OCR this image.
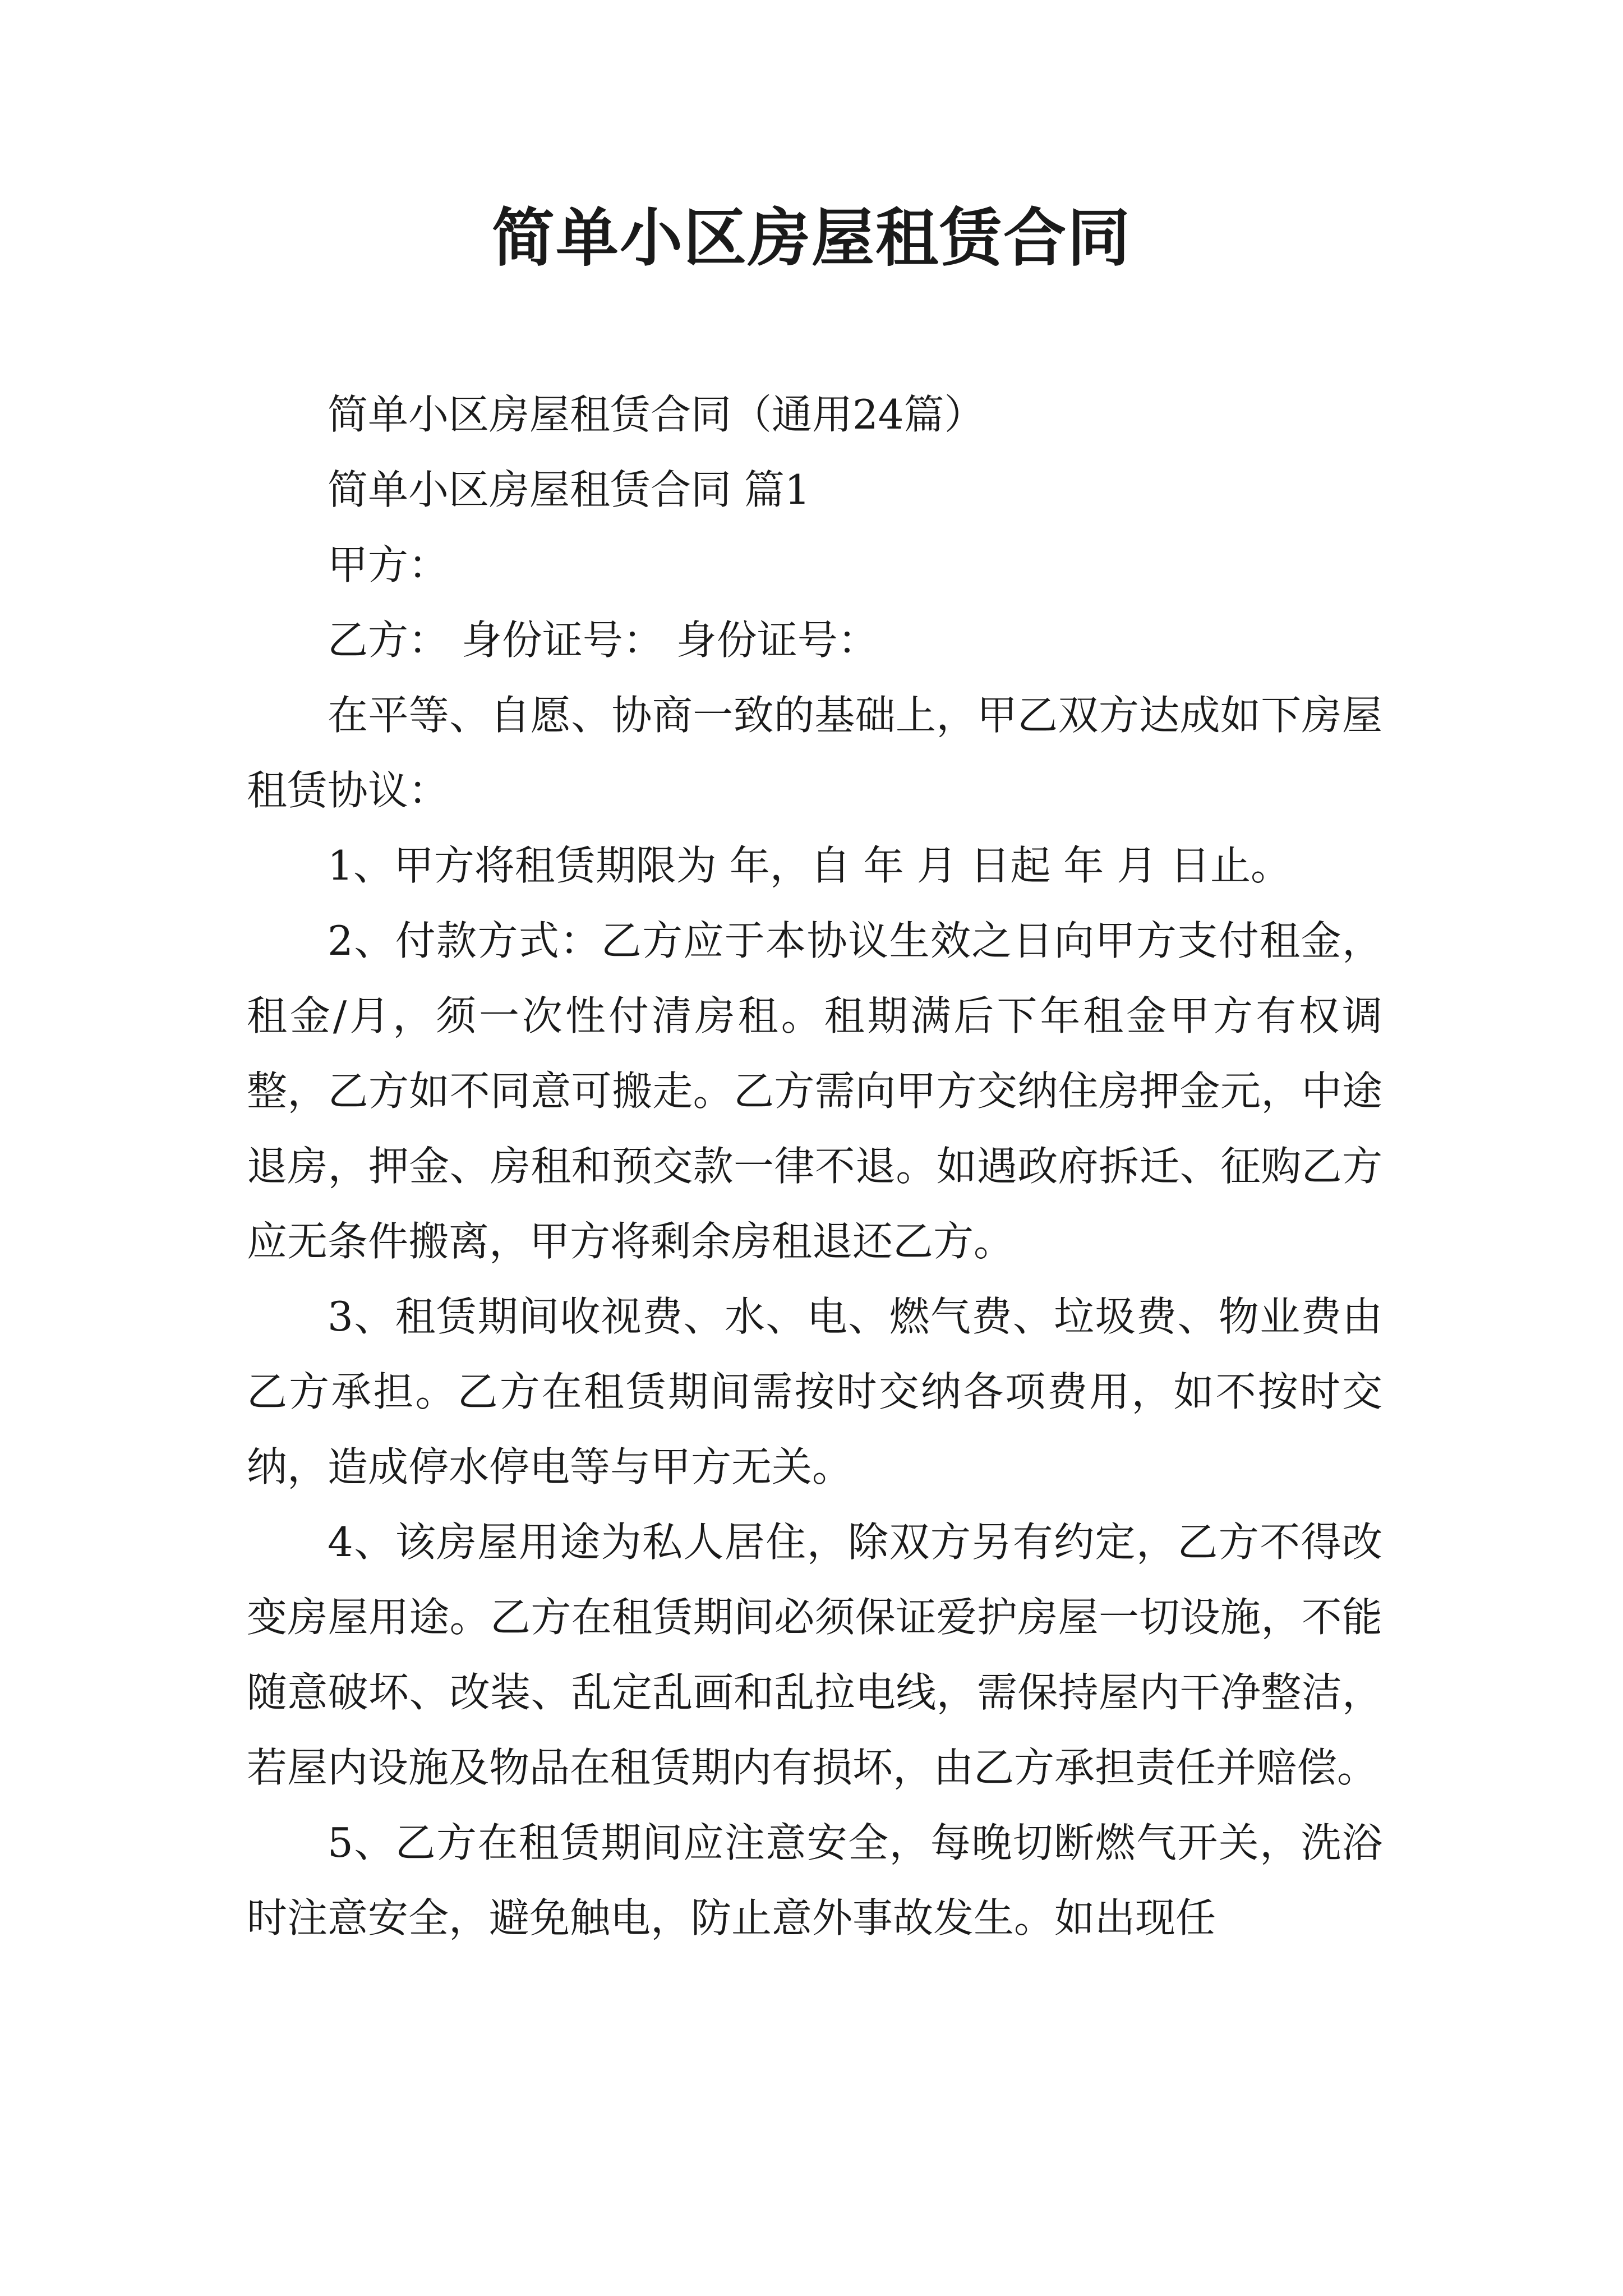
简单小区房屋租赁合同

简单小区房屋租赁合同（通用24篇）

简单小区房屋租赁合同 篇1

甲方：

乙方： 身份证号： 身份证号：

在平等、自愿、协商一致的基础上，甲乙双方达成如下房屋租赁协议：

1、甲方将租赁期限为 年，自 年 月 日起 年 月 日止。

2、付款方式：乙方应于本协议生效之日向甲方支付租金，租金/月，须一次性付清房租。租期满后下年租金甲方有权调整，乙方如不同意可搬走。乙方需向甲方交纳住房押金元，中途退房，押金、房租和预交款一律不退。如遇政府拆迁、征购乙方应无条件搬离，甲方将剩余房租退还乙方。

3、租赁期间收视费、水、电、燃气费、垃圾费、物业费由乙方承担。乙方在租赁期间需按时交纳各项费用，如不按时交纳，造成停水停电等与甲方无关。

4、该房屋用途为私人居住，除双方另有约定，乙方不得改变房屋用途。乙方在租赁期间必须保证爱护房屋一切设施，不能随意破坏、改装、乱定乱画和乱拉电线，需保持屋内干净整洁，若屋内设施及物品在租赁期内有损坏，由乙方承担责任并赔偿。

5、乙方在租赁期间应注意安全，每晚切断燃气开关，洗浴时注意安全，避免触电，防止意外事故发生。如出现任
